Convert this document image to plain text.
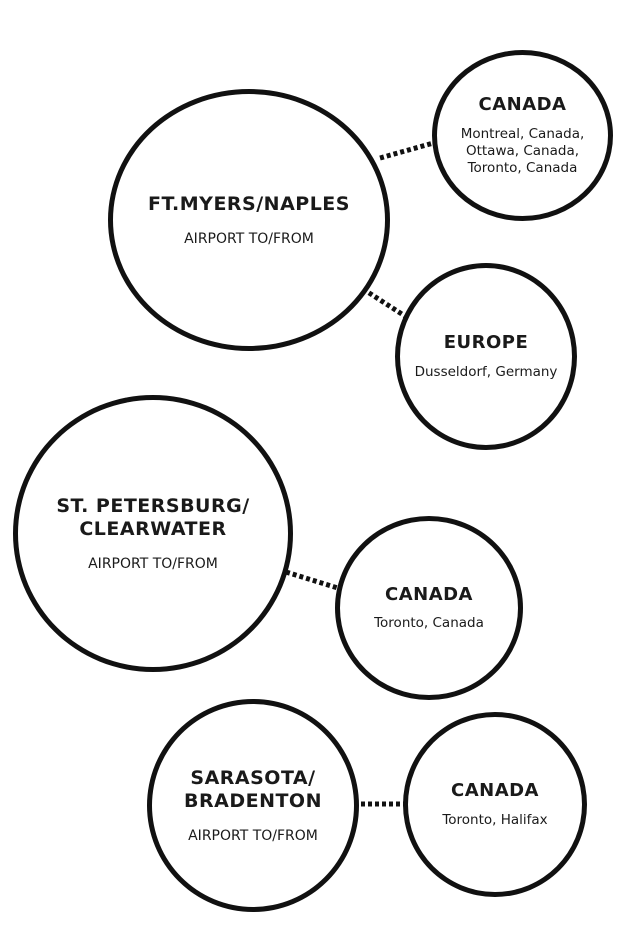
FT.MYERS/NAPLES
AIRPORT TO/FROM
CANADA
Montreal, Canada,
Ottawa, Canada,
Toronto, Canada
EUROPE
Dusseldorf, Germany
ST. PETERSBURG/
CLEARWATER
AIRPORT TO/FROM
CANADA
Toronto, Canada
SARASOTA/
BRADENTON
AIRPORT TO/FROM
CANADA
Toronto, Halifax
